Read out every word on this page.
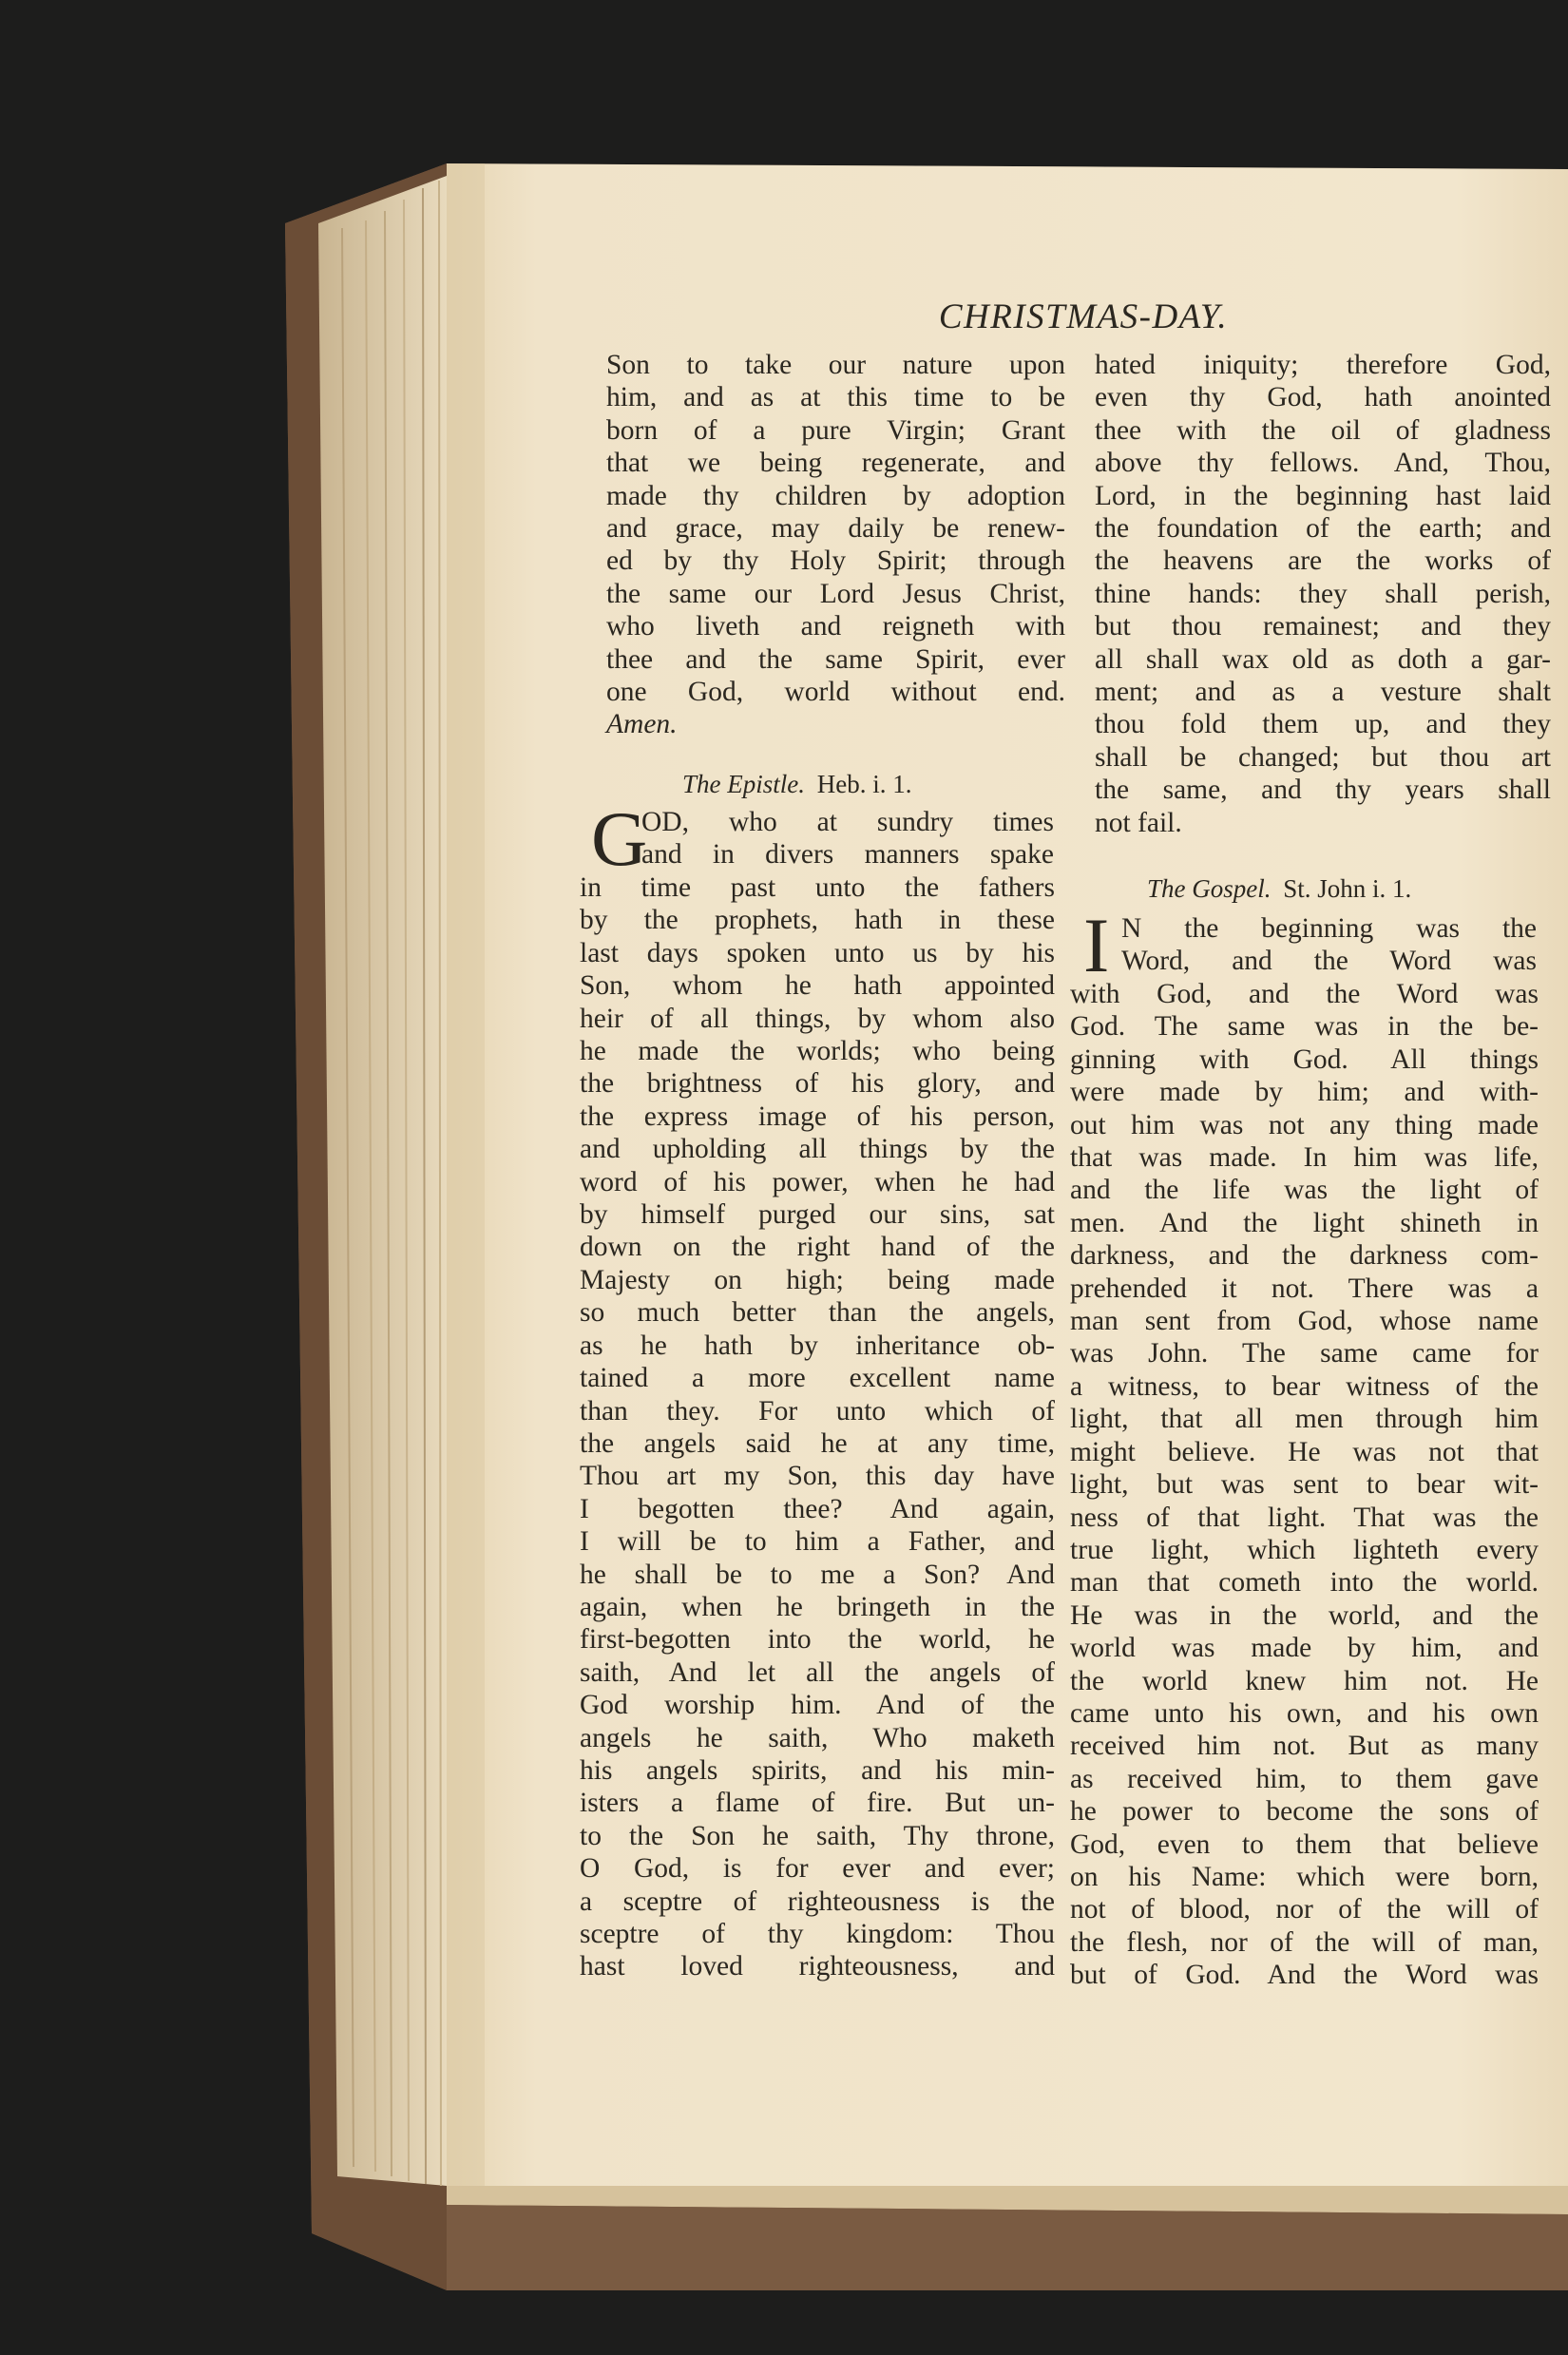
CHRISTMAS-DAY.
Son to take our nature upon
him, and as at this time to be
born of a pure Virgin; Grant
that we being regenerate, and
made thy children by adoption
and grace, may daily be renew-
ed by thy Holy Spirit; through
the same our Lord Jesus Christ,
who liveth and reigneth with
thee and the same Spirit, ever
one God, world without end.
Amen.
The Epistle. Heb. i. 1.
G
OD, who at sundry times
and in divers manners spake
in time past unto the fathers
by the prophets, hath in these
last days spoken unto us by his
Son, whom he hath appointed
heir of all things, by whom also
he made the worlds; who being
the brightness of his glory, and
the express image of his person,
and upholding all things by the
word of his power, when he had
by himself purged our sins, sat
down on the right hand of the
Majesty on high; being made
so much better than the angels,
as he hath by inheritance ob-
tained a more excellent name
than they. For unto which of
the angels said he at any time,
Thou art my Son, this day have
I begotten thee? And again,
I will be to him a Father, and
he shall be to me a Son? And
again, when he bringeth in the
first-begotten into the world, he
saith, And let all the angels of
God worship him. And of the
angels he saith, Who maketh
his angels spirits, and his min-
isters a flame of fire. But un-
to the Son he saith, Thy throne,
O God, is for ever and ever;
a sceptre of righteousness is the
sceptre of thy kingdom: Thou
hast loved righteousness, and
hated iniquity; therefore God,
even thy God, hath anointed
thee with the oil of gladness
above thy fellows. And, Thou,
Lord, in the beginning hast laid
the foundation of the earth; and
the heavens are the works of
thine hands: they shall perish,
but thou remainest; and they
all shall wax old as doth a gar-
ment; and as a vesture shalt
thou fold them up, and they
shall be changed; but thou art
the same, and thy years shall
not fail.
The Gospel. St. John i. 1.
I N the beginning was the
Word, and the Word was
with God, and the Word was
God. The same was in the be-
ginning with God. All things
were made by him; and with-
out him was not any thing made
that was made. In him was life,
and the life was the light of
men. And the light shineth in
darkness, and the darkness com-
prehended it not. There was a
man sent from God, whose name
was John. The same came for
a witness, to bear witness of the
light, that all men through him
might believe. He was not that
light, but was sent to bear wit-
ness of that light. That was the
true light, which lighteth every
man that cometh into the world.
He was in the world, and the
world was made by him, and
the world knew him not. He
came unto his own, and his own
received him not. But as many
as received him, to them gave
he power to become the sons of
God, even to them that believe
on his Name: which were born,
not of blood, nor of the will of
the flesh, nor of the will of man,
but of God. And the Word was
